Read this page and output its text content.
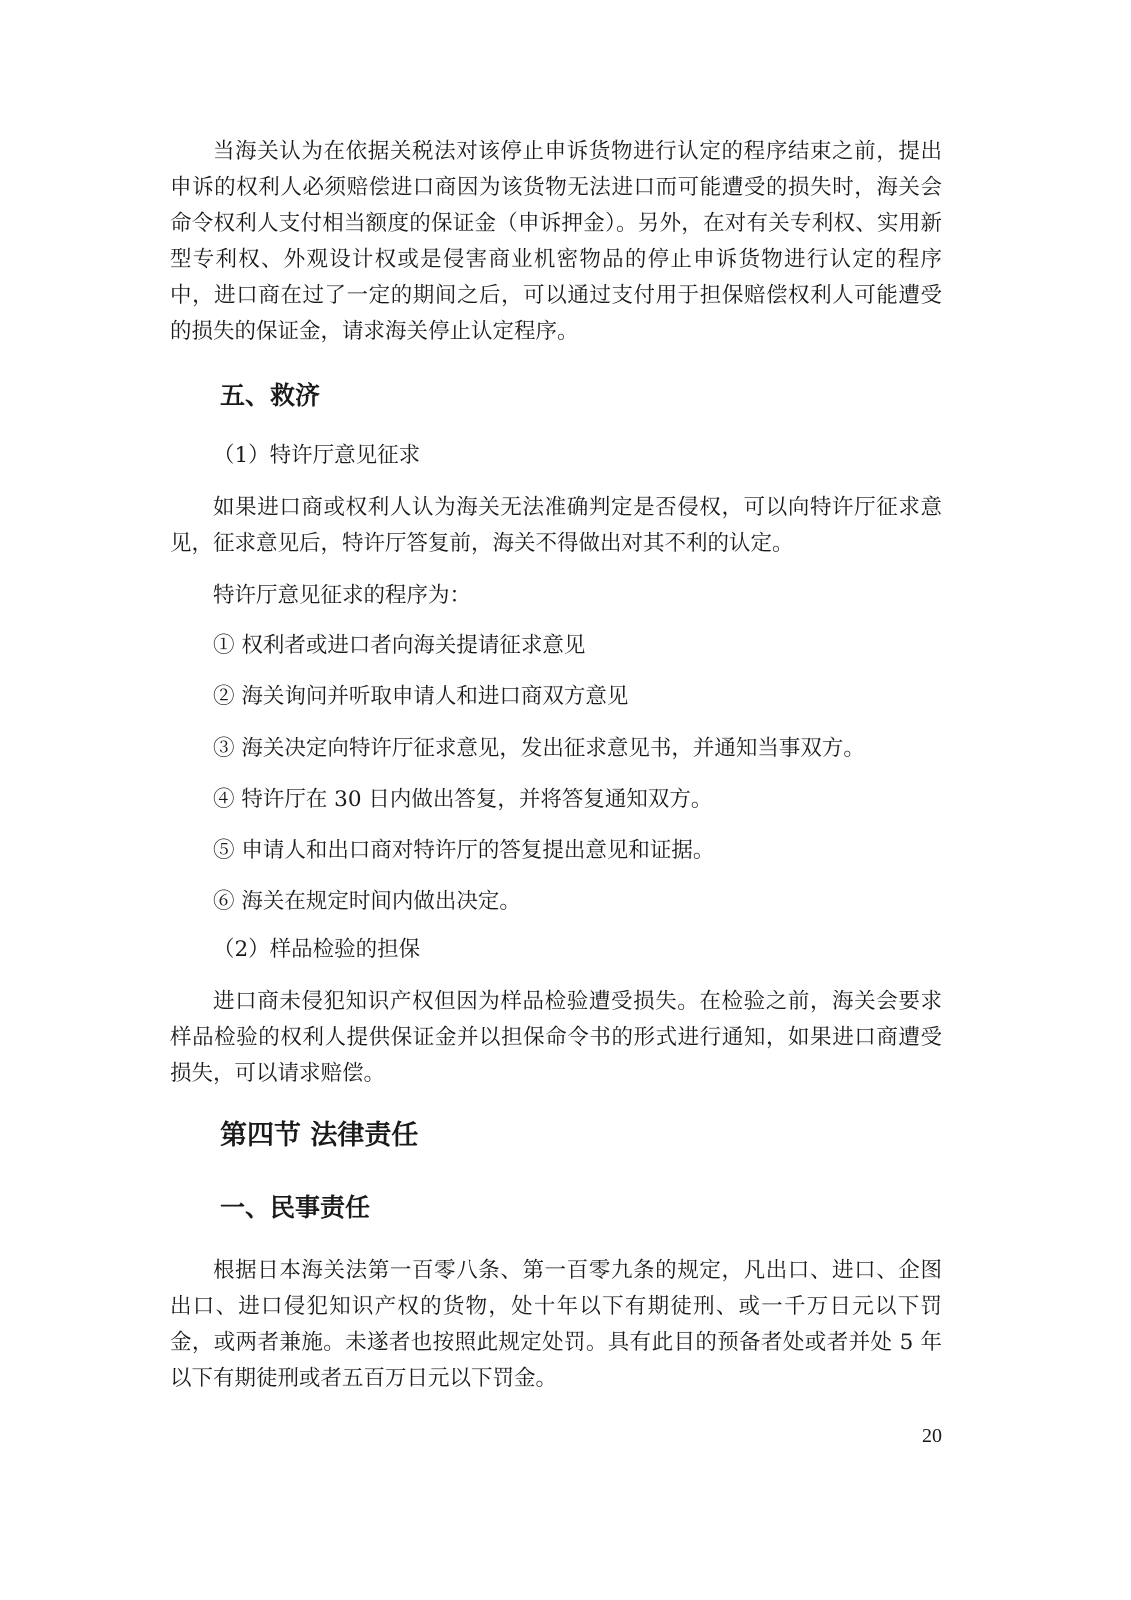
当海关认为在依据关税法对该停止申诉货物进行认定的程序结束之前，提出申诉的权利人必须赔偿进口商因为该货物无法进口而可能遭受的损失时，海关会命令权利人支付相当额度的保证金（申诉押金）。另外，在对有关专利权、实用新型专利权、外观设计权或是侵害商业机密物品的停止申诉货物进行认定的程序中，进口商在过了一定的期间之后，可以通过支付用于担保赔偿权利人可能遭受的损失的保证金，请求海关停止认定程序。

五、救济

（1）特许厅意见征求

如果进口商或权利人认为海关无法准确判定是否侵权，可以向特许厅征求意见，征求意见后，特许厅答复前，海关不得做出对其不利的认定。

特许厅意见征求的程序为：

① 权利者或进口者向海关提请征求意见

② 海关询问并听取申请人和进口商双方意见

③ 海关决定向特许厅征求意见，发出征求意见书，并通知当事双方。

④ 特许厅在 30 日内做出答复，并将答复通知双方。

⑤ 申请人和出口商对特许厅的答复提出意见和证据。

⑥ 海关在规定时间内做出决定。

（2）样品检验的担保

进口商未侵犯知识产权但因为样品检验遭受损失。在检验之前，海关会要求样品检验的权利人提供保证金并以担保命令书的形式进行通知，如果进口商遭受损失，可以请求赔偿。

第四节 法律责任
一、民事责任

根据日本海关法第一百零八条、第一百零九条的规定，凡出口、进口、企图出口、进口侵犯知识产权的货物，处十年以下有期徒刑、或一千万日元以下罚金，或两者兼施。未遂者也按照此规定处罚。具有此目的预备者处或者并处 5 年以下有期徒刑或者五百万日元以下罚金。

20
